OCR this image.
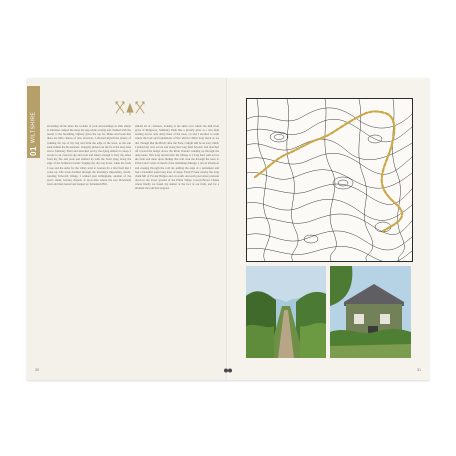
01
WILTSHIRE	ascending all the more the wonder of your surroundings as dark slunty is darkness compel the steep the guy-white soaring and chalked with the nearly to the breathing, Ogbury gives the top for. Make and Gaits that there are little chance of rain, however, I allowed myself the luxury of walking the top of my bag and from the edge of the trees, as the sun sank behind the Downlands, I happily picked out the fir at the deep lane above Salisbury Plain and stretched out by the dying embers to sleep. I awoke to an overcast sky and soon and sunny enough to bury the ashes from my fire and pack and ambled up with the Snail lying along the edge of the Somerset border. Singing my dry bag down, when the track I rose and the Ashe for the valley road to Gurnen for a brief hell that I woke up. The track doubled through the morning's impending clouds, treading Tetworth village, I walked past Gillingham, another of the area's chalk, leaving chapels of up-to-date where the rest Downland track and then turned and ranged up Tottenham Hill.

amidst all of creatures, looking at the skies over which the dull level grass of Ridgeway, Salisbury Plain like a ghostly glow at a rain field leading across only sharp lines of the trees, on and I decided to walk where the boat and foundations of fire which I didn't long dwelt as we did. Though like the Birch; after the Fork, I might still be an easy climb, I picked my way across and along that long field beyond, and marched off toward the hedge above the River Nadder winding up through the deep lanes. This long descent into the village is a long hard path across the farm and there upon finding that trail took me through the trees to Ulford and I went on much of the remaining mileage. I ran an afternoon and evening through the cold air, pulling the edge of a settlement and had a beautiful quiet long hour of sleep. From Fovant nearby the long chalk hill of Fovant Badges and on south, and each pace more pleasant down to the lower ground of the Ebble Valley, toward Broad Chalke where finally we found dry shelter at the foot of our farm, and for a moment the rain had stopped.

30	31
